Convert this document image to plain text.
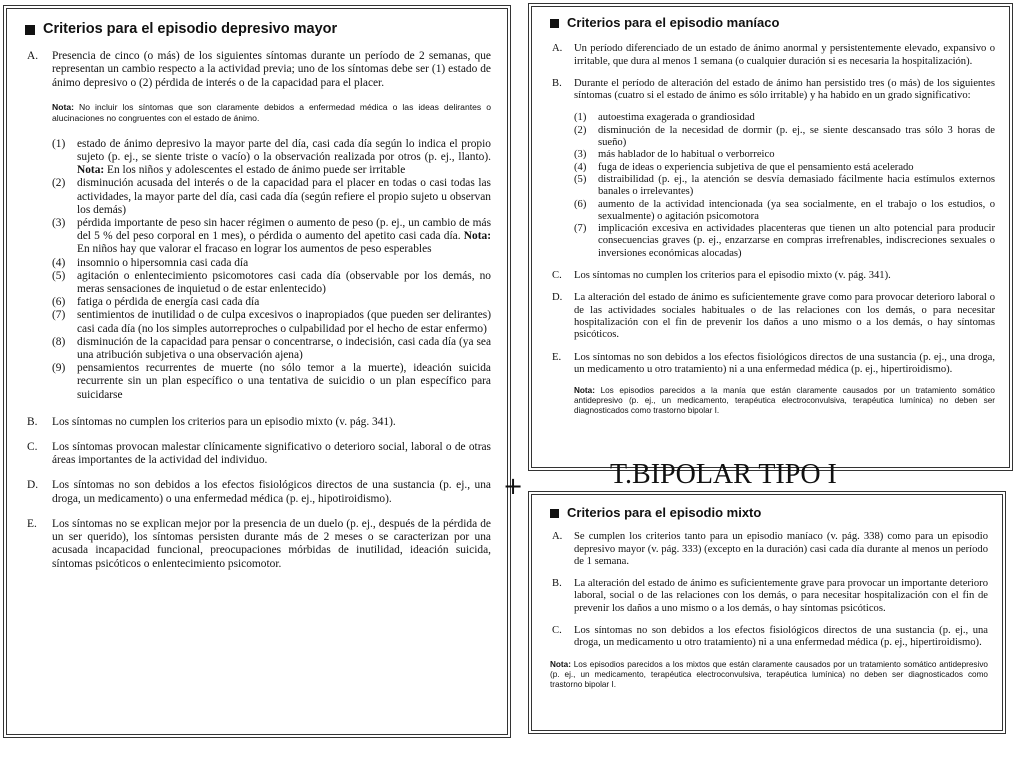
Criterios para el episodio depresivo mayor
A.	Presencia de cinco (o más) de los siguientes síntomas durante un período de 2 semanas, que representan un cambio respecto a la actividad previa; uno de los síntomas debe ser (1) estado de ánimo depresivo o (2) pérdida de interés o de la capacidad para el placer.
Nota: No incluir los síntomas que son claramente debidos a enfermedad médica o las ideas delirantes o alucinaciones no congruentes con el estado de ánimo.
(1)	estado de ánimo depresivo la mayor parte del día, casi cada día según lo indica el propio sujeto (p. ej., se siente triste o vacío) o la observación realizada por otros (p. ej., llanto). Nota: En los niños y adolescentes el estado de ánimo puede ser irritable
(2)	disminución acusada del interés o de la capacidad para el placer en todas o casi todas las actividades, la mayor parte del día, casi cada día (según refiere el propio sujeto u observan los demás)
(3)	pérdida importante de peso sin hacer régimen o aumento de peso (p. ej., un cambio de más del 5 % del peso corporal en 1 mes), o pérdida o aumento del apetito casi cada día. Nota: En niños hay que valorar el fracaso en lograr los aumentos de peso esperables
(4)	insomnio o hipersomnia casi cada día
(5)	agitación o enlentecimiento psicomotores casi cada día (observable por los demás, no meras sensaciones de inquietud o de estar enlentecido)
(6)	fatiga o pérdida de energía casi cada día
(7)	sentimientos de inutilidad o de culpa excesivos o inapropiados (que pueden ser delirantes) casi cada día (no los simples autorreproches o culpabilidad por el hecho de estar enfermo)
(8)	disminución de la capacidad para pensar o concentrarse, o indecisión, casi cada día (ya sea una atribución subjetiva o una observación ajena)
(9)	pensamientos recurrentes de muerte (no sólo temor a la muerte), ideación suicida recurrente sin un plan específico o una tentativa de suicidio o un plan específico para suicidarse
B.	Los síntomas no cumplen los criterios para un episodio mixto (v. pág. 341).
C.	Los síntomas provocan malestar clínicamente significativo o deterioro social, laboral o de otras áreas importantes de la actividad del individuo.
D.	Los síntomas no son debidos a los efectos fisiológicos directos de una sustancia (p. ej., una droga, un medicamento) o una enfermedad médica (p. ej., hipotiroidismo).
E.	Los síntomas no se explican mejor por la presencia de un duelo (p. ej., después de la pérdida de un ser querido), los síntomas persisten durante más de 2 meses o se caracterizan por una acusada incapacidad funcional, preocupaciones mórbidas de inutilidad, ideación suicida, síntomas psicóticos o enlentecimiento psicomotor.
Criterios para el episodio maníaco
A.	Un período diferenciado de un estado de ánimo anormal y persistentemente elevado, expansivo o irritable, que dura al menos 1 semana (o cualquier duración si es necesaria la hospitalización).
B.	Durante el período de alteración del estado de ánimo han persistido tres (o más) de los siguientes síntomas (cuatro si el estado de ánimo es sólo irritable) y ha habido en un grado significativo:
(1)	autoestima exagerada o grandiosidad
(2)	disminución de la necesidad de dormir (p. ej., se siente descansado tras sólo 3 horas de sueño)
(3)	más hablador de lo habitual o verborreico
(4)	fuga de ideas o experiencia subjetiva de que el pensamiento está acelerado
(5)	distraibilidad (p. ej., la atención se desvía demasiado fácilmente hacia estímulos externos banales o irrelevantes)
(6)	aumento de la actividad intencionada (ya sea socialmente, en el trabajo o los estudios, o sexualmente) o agitación psicomotora
(7)	implicación excesiva en actividades placenteras que tienen un alto potencial para producir consecuencias graves (p. ej., enzarzarse en compras irrefrenables, indiscreciones sexuales o inversiones económicas alocadas)
C.	Los síntomas no cumplen los criterios para el episodio mixto (v. pág. 341).
D.	La alteración del estado de ánimo es suficientemente grave como para provocar deterioro laboral o de las actividades sociales habituales o de las relaciones con los demás, o para necesitar hospitalización con el fin de prevenir los daños a uno mismo o a los demás, o hay síntomas psicóticos.
E.	Los síntomas no son debidos a los efectos fisiológicos directos de una sustancia (p. ej., una droga, un medicamento u otro tratamiento) ni a una enfermedad médica (p. ej., hipertiroidismo).
Nota: Los episodios parecidos a la manía que están claramente causados por un tratamiento somático antidepresivo (p. ej., un medicamento, terapéutica electroconvulsiva, terapéutica lumínica) no deben ser diagnosticados como trastorno bipolar I.
Criterios para el episodio mixto
A.	Se cumplen los criterios tanto para un episodio maníaco (v. pág. 338) como para un episodio depresivo mayor (v. pág. 333) (excepto en la duración) casi cada día durante al menos un período de 1 semana.
B.	La alteración del estado de ánimo es suficientemente grave para provocar un importante deterioro laboral, social o de las relaciones con los demás, o para necesitar hospitalización con el fin de prevenir los daños a uno mismo o a los demás, o hay síntomas psicóticos.
C.	Los síntomas no son debidos a los efectos fisiológicos directos de una sustancia (p. ej., una droga, un medicamento u otro tratamiento) ni a una enfermedad médica (p. ej., hipertiroidismo).
Nota: Los episodios parecidos a los mixtos que están claramente causados por un tratamiento somático antidepresivo (p. ej., un medicamento, terapéutica electroconvulsiva, terapéutica lumínica) no deben ser diagnosticados como trastorno bipolar I.
+	T.BIPOLAR TIPO I
